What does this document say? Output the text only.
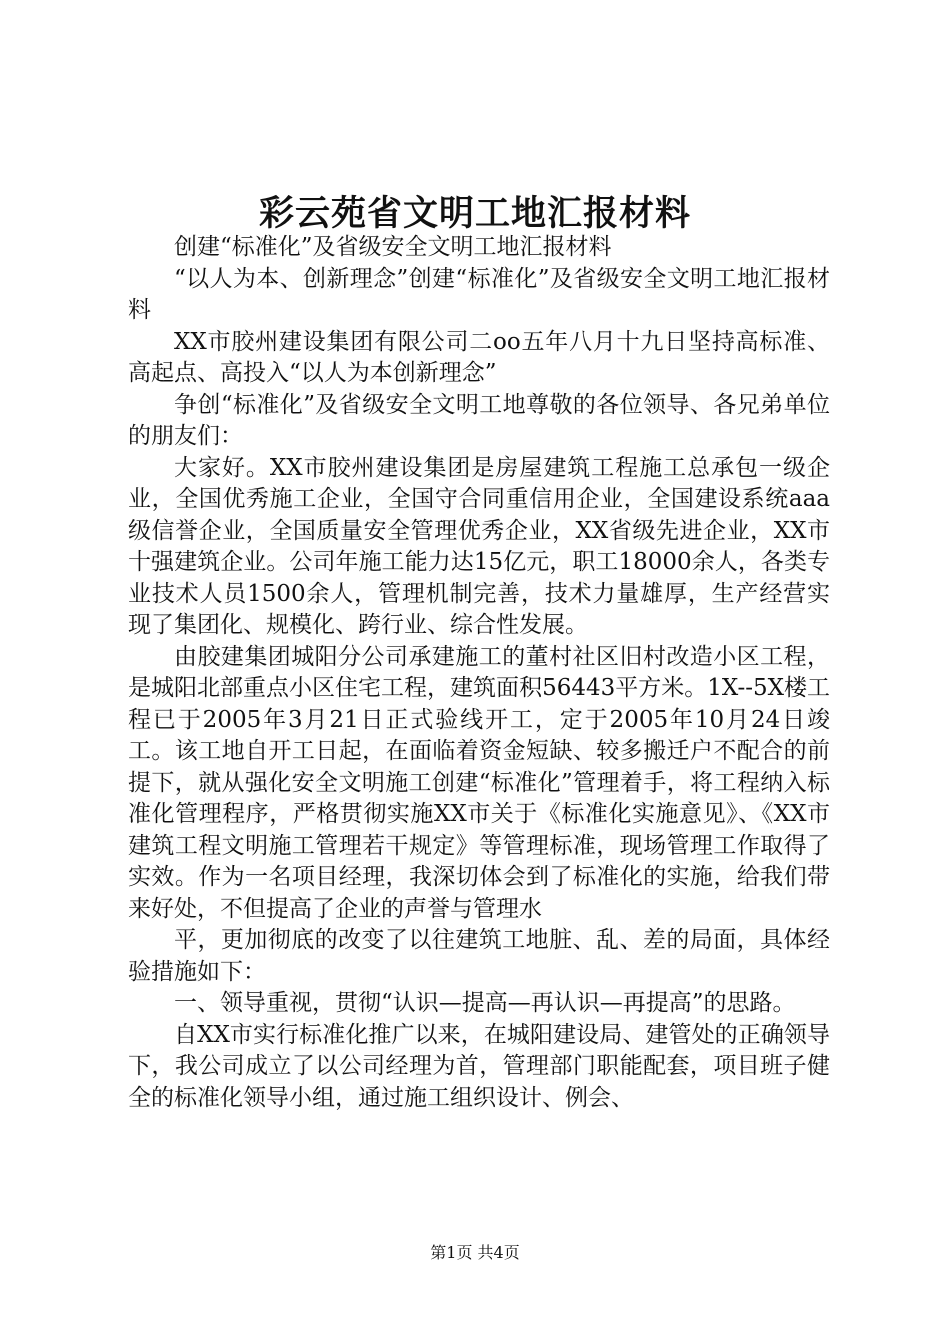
彩云苑省文明工地汇报材料

创建“标准化”及省级安全文明工地汇报材料

“以人为本、创新理念”创建“标准化”及省级安全文明工地汇报材料

XX市胶州建设集团有限公司二oo五年八月十九日坚持高标准、高起点、高投入“以人为本创新理念”

争创“标准化”及省级安全文明工地尊敬的各位领导、各兄弟单位的朋友们：

大家好。XX市胶州建设集团是房屋建筑工程施工总承包一级企业，全国优秀施工企业，全国守合同重信用企业，全国建设系统aaa级信誉企业，全国质量安全管理优秀企业，XX省级先进企业，XX市十强建筑企业。公司年施工能力达15亿元，职工18000余人，各类专业技术人员1500余人，管理机制完善，技术力量雄厚，生产经营实现了集团化、规模化、跨行业、综合性发展。

由胶建集团城阳分公司承建施工的董村社区旧村改造小区工程，是城阳北部重点小区住宅工程，建筑面积56443平方米。1X--5X楼工程已于2005年3月21日正式验线开工，定于2005年10月24日竣工。该工地自开工日起，在面临着资金短缺、较多搬迁户不配合的前提下，就从强化安全文明施工创建“标准化”管理着手，将工程纳入标准化管理程序，严格贯彻实施XX市关于《标准化实施意见》、《XX市建筑工程文明施工管理若干规定》等管理标准，现场管理工作取得了实效。作为一名项目经理，我深切体会到了标准化的实施，给我们带来好处，不但提高了企业的声誉与管理水

平，更加彻底的改变了以往建筑工地脏、乱、差的局面，具体经验措施如下：

一、领导重视，贯彻“认识—提高—再认识—再提高”的思路。

自XX市实行标准化推广以来，在城阳建设局、建管处的正确领导下，我公司成立了以公司经理为首，管理部门职能配套，项目班子健全的标准化领导小组，通过施工组织设计、例会、

第1页 共4页
